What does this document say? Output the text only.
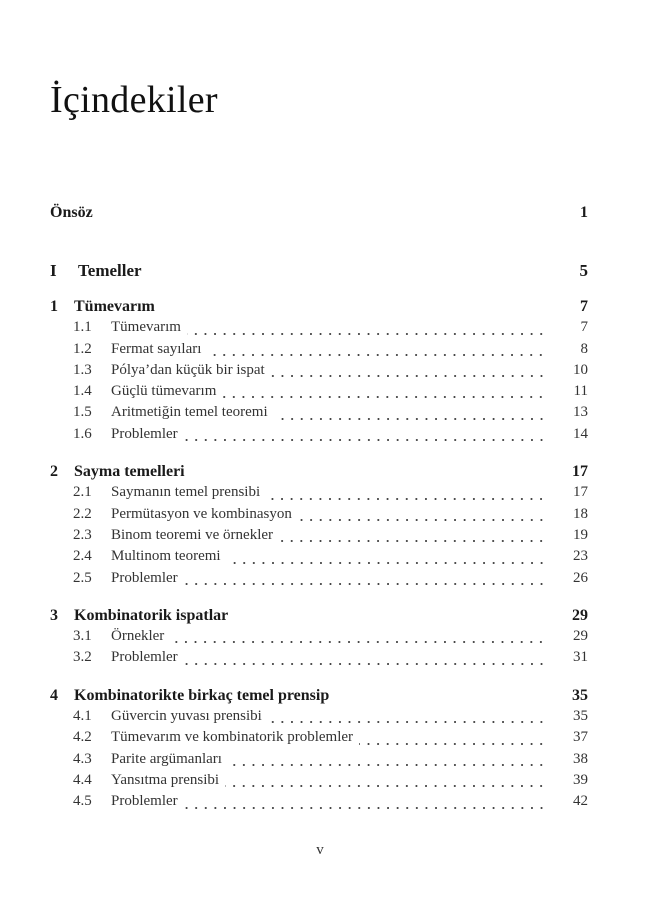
İçindekiler
Önsöz	1
I	Temeller	5
1	Tümevarım	7
1.1	Tümevarım	7
1.2	Fermat sayıları	8
1.3	Pólya’dan küçük bir ispat	10
1.4	Güçlü tümevarım	11
1.5	Aritmetiğin temel teoremi	13
1.6	Problemler	14
2	Sayma temelleri	17
2.1	Saymanın temel prensibi	17
2.2	Permütasyon ve kombinasyon	18
2.3	Binom teoremi ve örnekler	19
2.4	Multinom teoremi	23
2.5	Problemler	26
3	Kombinatorik ispatlar	29
3.1	Örnekler	29
3.2	Problemler	31
4	Kombinatorikte birkaç temel prensip	35
4.1	Güvercin yuvası prensibi	35
4.2	Tümevarım ve kombinatorik problemler	37
4.3	Parite argümanları	38
4.4	Yansıtma prensibi	39
4.5	Problemler	42
v
